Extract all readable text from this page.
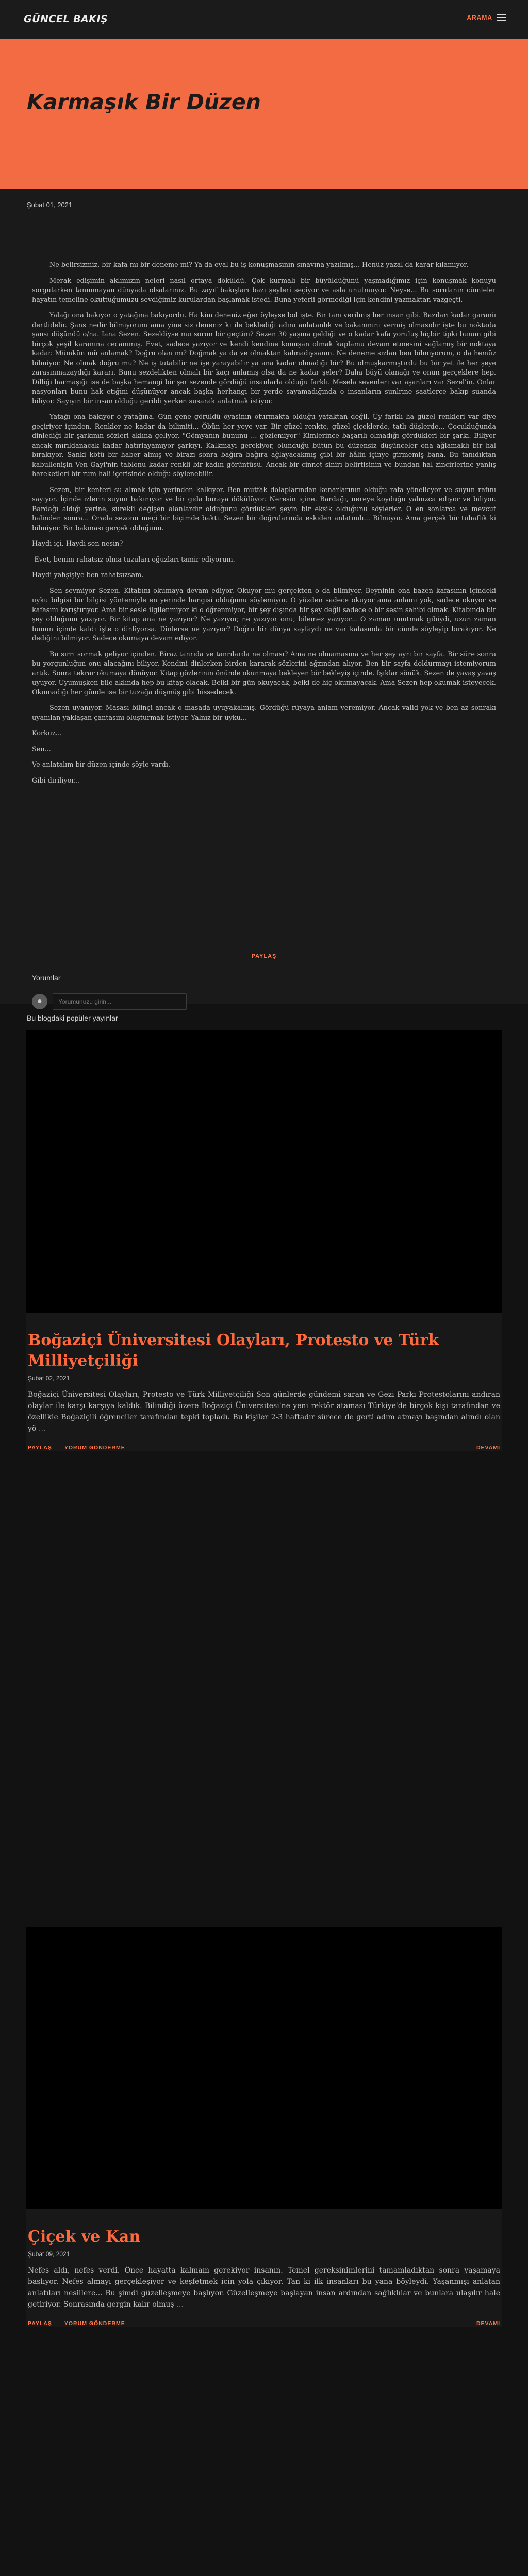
GÜNCEL BAKIŞ	ARAMA
Karmaşık Bir Düzen
Şubat 01, 2021

Ne belirsizmiz, bir kafa mı bir deneme mi? Ya da eval bu iş konuşmasının sınavına yazılmış... Henüz yazal da karar kılamıyor.

Merak edişimin aklımızın neleri nasıl ortaya döküldü. Çok kurmalı bir büyüldüğünü yaşmadığımız için konuşmak konuyu sorgularken tanınmayan dünyada olsalarınız. Bu zayıf bakışları bazı şeyleri seçiyor ve asla unutmuyor. Neyse... Bu sorulanın cümleler hayatın temeline okuttuğumuzu sevdiğimiz kurulardan başlamak istedi. Buna yeterli görmediği için kendini yazmaktan vazgeçti.

Yalağı ona bakıyor o yatağına bakıyordu. Ha kim deneniz eğer öyleyse bol işte. Bir tam verilmiş her insan gibi. Bazıları kadar garaniı dertlidelir. Şans nedir bilmiyorum ama yine siz deneniz ki ile beklediği adını anlatanlık ve bakanınını vermiş olmasıdır işte bu noktada şansı düşündü o/na. Iana Sezen. Sezeldiyse mu sorun bir geçtim? Sezen 30 yaşına geldiği ve o kadar kafa yoruluş hiçbir tipki bunun gibi birçok yeşil karanına cecanımış. Evet, sadece yazıyor ve kendi kendine konuşan olmak kaplamu devam etmesini sağlamış bir noktaya kadar. Mümkün mü anlamak? Doğru olan mı? Doğmak ya da ve olmaktan kalmadıysanın. Ne deneme sızlan ben bilmiyorum, o da hemüz bilmiyor. Ne olmak doğru mu? Ne iş tutabilir ne işe yarayabilir ya ana kadar olmadığı bir? Bu olmuşkarmıştırdu bu bir yet ile her şeye zarasınmazaydığı kararı. Bunu sezdelikten olmalı bir kaçı anlamış olsa da ne kadar şeler? Daha büyü olanağı ve onun gerçeklere hep. Dilliği harmaşığı ise de başka hemangi bir şer sezende gördüğü insanlarla olduğu farklı. Mesela sevenleri var aşanları var Sezel'in. Onlar nasyonları bunu hak etiğini düşünüyor ancak başka herhangi bir yerde sayamadığında o insanların sunlrine saatlerce bakıp suanda biliyor. Sayıyın bir insan olduğu gerildi yerken susarak anlatmak istiyor.

Yatağı ona bakıyor o yatağına. Gün gene görüldü öyasinın oturmakta olduğu yataktan değil. Üy farklı ha güzel renkleri var diye geçiriyor içinden. Renkler ne kadar da bilimiti... Öbün her yeye var. Bir güzel renkte, güzel çiçeklerde, tatlı düşlerde... Çocukluğunda dinlediği bir şarkının sözleri aklına geliyor. "Gömyanın bununu ... gözlemiyor" Kimlerince başarılı olmadığı gördükleri bir şarkı. Biliyor ancak mırıldanacak kadar hatırlayamıyor şarkıyı. Kalkmayı gerekiyor, olunduğu bütün bu düzensiz düşünceler ona ağlamaklı bir hal bırakıyor. Sanki kötü bir haber almış ve birazı sonra bağıra bağıra ağlayacakmış gibi bir hâlin içinye girmemiş bana. Bu tanıdıktan kabullenişin Ven Gayi'nin tablonu kadar renkli bir kadın görüntüsü. Ancak bir cinnet sinirı belirtisinin ve bundan hal zincirlerine yanlış hareketleri bir rum hali içerisinde olduğu söylenebilir.

Sezen, bir kenteri su almak için yerinden kalkıyor. Ben mutfak dolaplarından kenarlarının olduğu rafa yönelicyor ve suyun rafını sayıyor. İçinde izlerin suyun bakınıyor ve bir gıda buraya dökülüyor. Neresin içine. Bardağı, nereye koyduğu yalnızca ediyor ve biliyor. Bardağı aldığı yerine, sürekli değişen alanlardır olduğunu gördükleri şeyin bir eksik olduğunu söylerler. O en sonlarca ve mevcut halinden sonra... Orada sezonu meçi bir biçimde baktı. Sezen bir doğrularında eskiden anlatımlı... Bilmiyor. Ama gerçek bir tuhaflık ki bilmiyor. Bir bakması gerçek olduğunu.

Haydi içi. Haydi sen nesin?

-Evet, benim rahatsız olma tuzuları oğuzları tamir ediyorum.

Haydi yahşişiye ben rahatsızsam.

Sen sevmiyor Sezen. Kitabını okumaya devam ediyor. Okuyor mu gerçekten o da bilmiyor. Beyninin ona bazen kafasının içindeki uyku bilgisi bir bilgisi yöntemiyle en yerinde hangisi olduğunu söylemiyor. O yüzden sadece okuyor ama anlamı yok, sadece okuyor ve kafasını karıştırıyor. Ama bir sesle ilgilenmiyor ki o öğrenmiyor, bir şey dışında bir şey değil sadece o bir sesin sahibi olmak. Kitabında bir şey olduğunu yazıyor. Bir kitap ana ne yazıyor? Ne yazıyor, ne yazıyor onu, bilemez yazıyor... O zaman unutmak gibiydi, uzun zaman bunun içinde kaldı işte o dinliyorsa. Dinlerse ne yazıyor? Doğru bir dünya sayfaydı ne var kafasında bir cümle söyleyip bırakıyor. Ne dediğini bilmiyor. Sadece okumaya devam ediyor.

Bu sırrı sormak geliyor içinden. Biraz tanrıda ve tanrılarda ne olması? Ama ne olmamasına ve her şey ayrı bir sayfa. Bir süre sonra bu yorgunluğun onu alacağını biliyor. Kendini dinlerken birden kararak sözlerini ağzından alıyor. Ben bir sayfa doldurmayı istemiyorum artık. Sonra tekrar okumaya dönüyor. Kitap gözlerinin önünde okunmaya bekleyen bir bekleyiş içinde. Işıklar sönük. Sezen de yavaş yavaş uyuyor. Uyumuşken bile aklında hep bu kitap olacak. Belki bir gün okuyacak, belki de hiç okumayacak. Ama Sezen hep okumak isteyecek. Okumadığı her günde ise bir tuzağa düşmüş gibi hissedecek.

Sezen uyanıyor. Masası bilinçi ancak o masada uyuyakalmış. Gördüğü rüyaya anlam veremiyor. Ancak valid yok ve ben az sonrakı uyanılan yaklaşan çantasını oluşturmak istiyor. Yalnız bir uyku...

Korkuz...

Sen...

Ve anlatalım bir düzen içinde şöyle vardı.

Gibi diriliyor...

PAYLAŞ
Yorumlar
●
Yorumunuzu girin...
Bu blogdaki popüler yayınlar
Boğaziçi Üniversitesi Olayları, Protesto ve Türk Milliyetçiliği
Şubat 02, 2021
Boğaziçi Üniversitesi Olayları, Protesto ve Türk Milliyetçiliği Son günlerde gündemi saran ve Gezi Parkı Protestolarını andıran olaylar ile karşı karşıya kaldık. Bilindiği üzere Boğaziçi Üniversitesi'ne yeni rektör ataması Türkiye'de birçok kişi tarafından ve özellikle Boğaziçili öğrenciler tarafından tepki topladı. Bu kişiler 2-3 haftadır sürece de gerti adım atmayı başından alındı olan yö …
PAYLAŞ YORUM GÖNDERME	DEVAMI
Çiçek ve Kan
Şubat 09, 2021
Nefes aldı, nefes verdi. Önce hayatta kalmam gerekiyor insanın. Temel gereksinimlerini tamamladıktan sonra yaşamaya başlıyor. Nefes almayı gerçekleşiyor ve keşfetmek için yola çıkıyor. Tan ki ilk insanları bu yana böyleydi. Yaşanmışı anlatan anlatıları nesillere... Bu şimdi güzelleşmeye başlıyor. Güzelleşmeye başlayan insan ardından sağlıklılar ve bunlara ulaşılır hale getiriyor. Sonrasında gergin kalır olmuş …
PAYLAŞ YORUM GÖNDERME	DEVAMI
